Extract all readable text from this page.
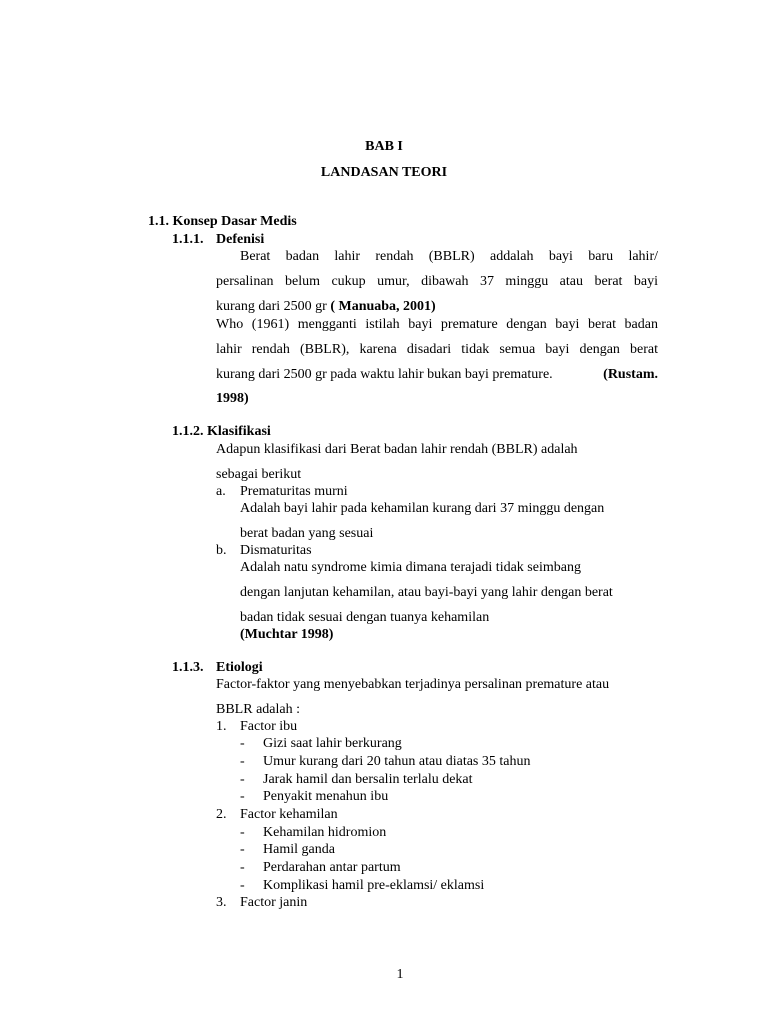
BAB I
LANDASAN TEORI
1.1. Konsep Dasar Medis
1.1.1. Defenisi
Berat badan lahir rendah (BBLR) addalah bayi baru lahir/
persalinan belum cukup umur, dibawah 37 minggu atau berat bayi
kurang dari 2500 gr ( Manuaba, 2001)
Who (1961) mengganti istilah bayi premature dengan bayi berat badan
lahir rendah (BBLR), karena disadari tidak semua bayi dengan berat
kurang dari 2500 gr pada waktu lahir bukan bayi premature.	(Rustam.
1998)
1.1.2. Klasifikasi
Adapun klasifikasi dari Berat badan lahir rendah (BBLR) adalah
sebagai berikut
a. Prematuritas murni
Adalah bayi lahir pada kehamilan kurang dari 37 minggu dengan
berat badan yang sesuai
b. Dismaturitas
Adalah natu syndrome kimia dimana terajadi tidak seimbang
dengan lanjutan kehamilan, atau bayi-bayi yang lahir dengan berat
badan tidak sesuai dengan tuanya kehamilan
(Muchtar 1998)
1.1.3. Etiologi
Factor-faktor yang menyebabkan terjadinya persalinan premature atau
BBLR adalah :
1. Factor ibu
- Gizi saat lahir berkurang
- Umur kurang dari 20 tahun atau diatas 35 tahun
- Jarak hamil dan bersalin terlalu dekat
- Penyakit menahun ibu
2. Factor kehamilan
- Kehamilan hidromion
- Hamil ganda
- Perdarahan antar partum
- Komplikasi hamil pre-eklamsi/ eklamsi
3. Factor janin
1
